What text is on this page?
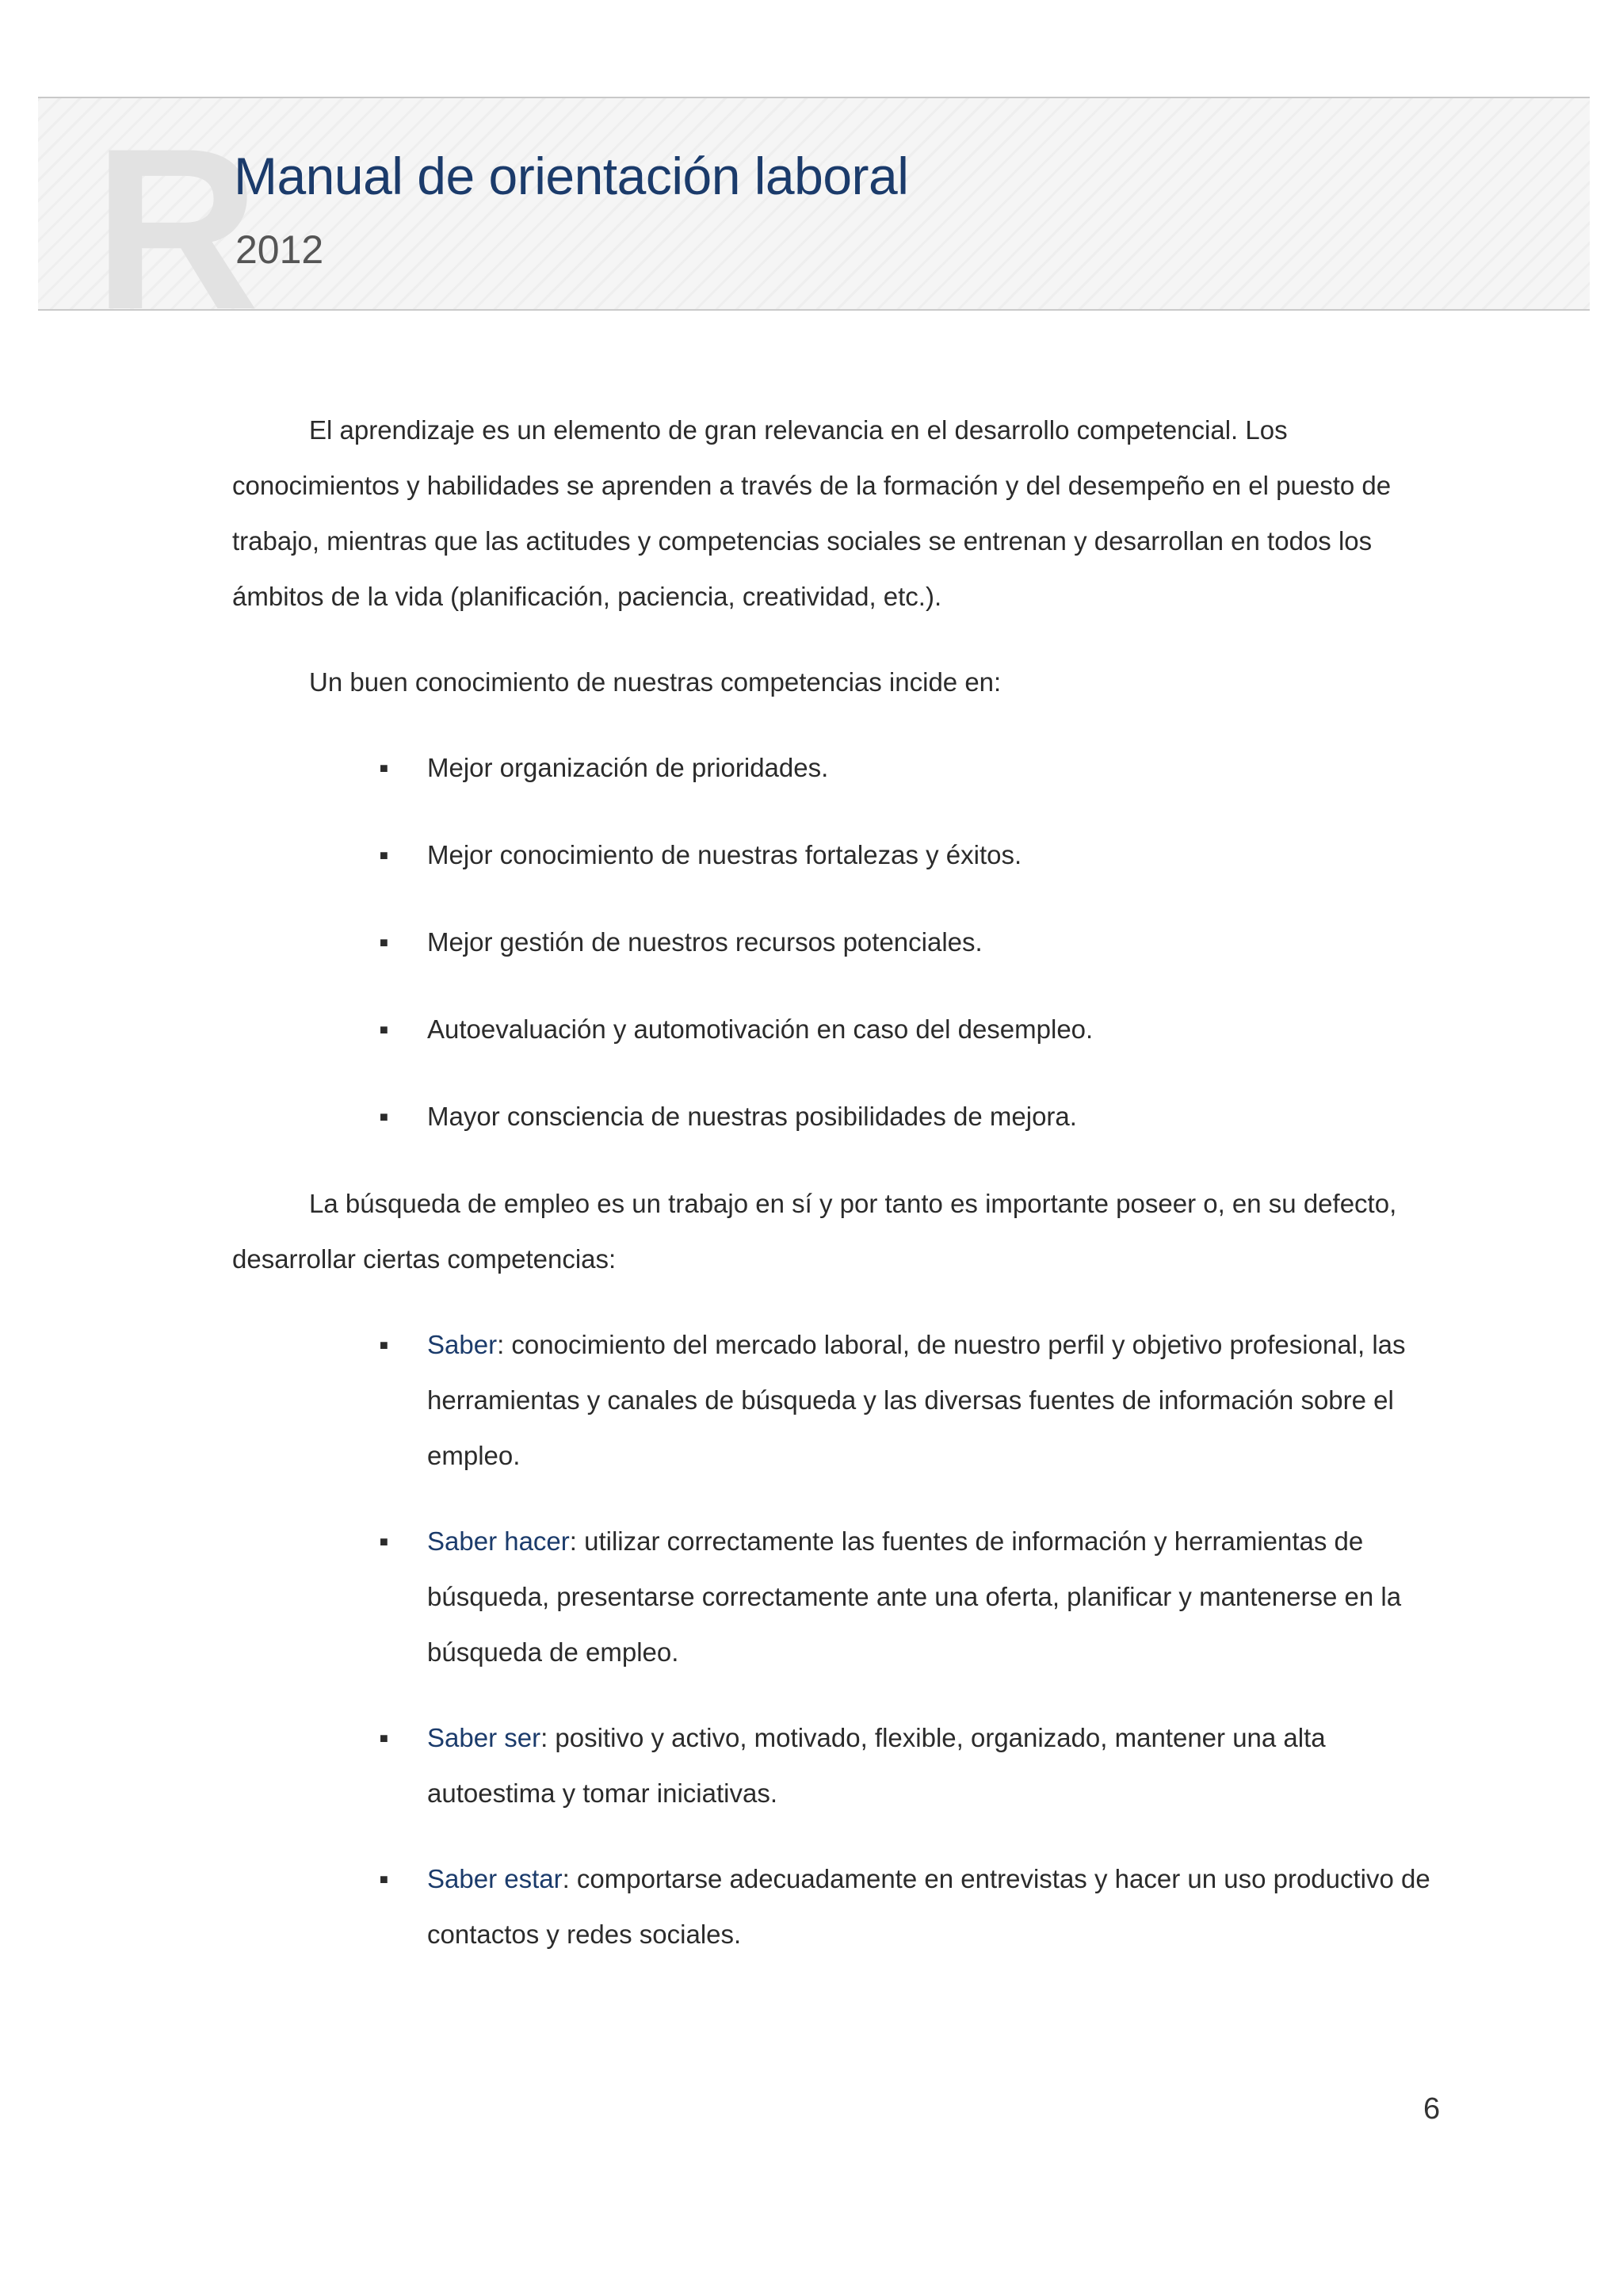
R
Manual de orientación laboral
2012

El aprendizaje es un elemento de gran relevancia en el desarrollo competencial. Los conocimientos y habilidades se aprenden a través de la formación y del desempeño en el puesto de trabajo, mientras que las actitudes y competencias sociales se entrenan y desarrollan en todos los ámbitos de la vida (planificación, paciencia, creatividad, etc.).

Un buen conocimiento de nuestras competencias incide en:

■ Mejor organización de prioridades.
■ Mejor conocimiento de nuestras fortalezas y éxitos.
■ Mejor gestión de nuestros recursos potenciales.
■ Autoevaluación y automotivación en caso del desempleo.
■ Mayor consciencia de nuestras posibilidades de mejora.

La búsqueda de empleo es un trabajo en sí y por tanto es importante poseer o, en su defecto, desarrollar ciertas competencias:

■ Saber: conocimiento del mercado laboral, de nuestro perfil y objetivo profesional, las herramientas y canales de búsqueda y las diversas fuentes de información sobre el empleo.
■ Saber hacer: utilizar correctamente las fuentes de información y herramientas de búsqueda, presentarse correctamente ante una oferta, planificar y mantenerse en la búsqueda de empleo.
■ Saber ser: positivo y activo, motivado, flexible, organizado, mantener una alta autoestima y tomar iniciativas.
■ Saber estar: comportarse adecuadamente en entrevistas y hacer un uso productivo de contactos y redes sociales.
6
